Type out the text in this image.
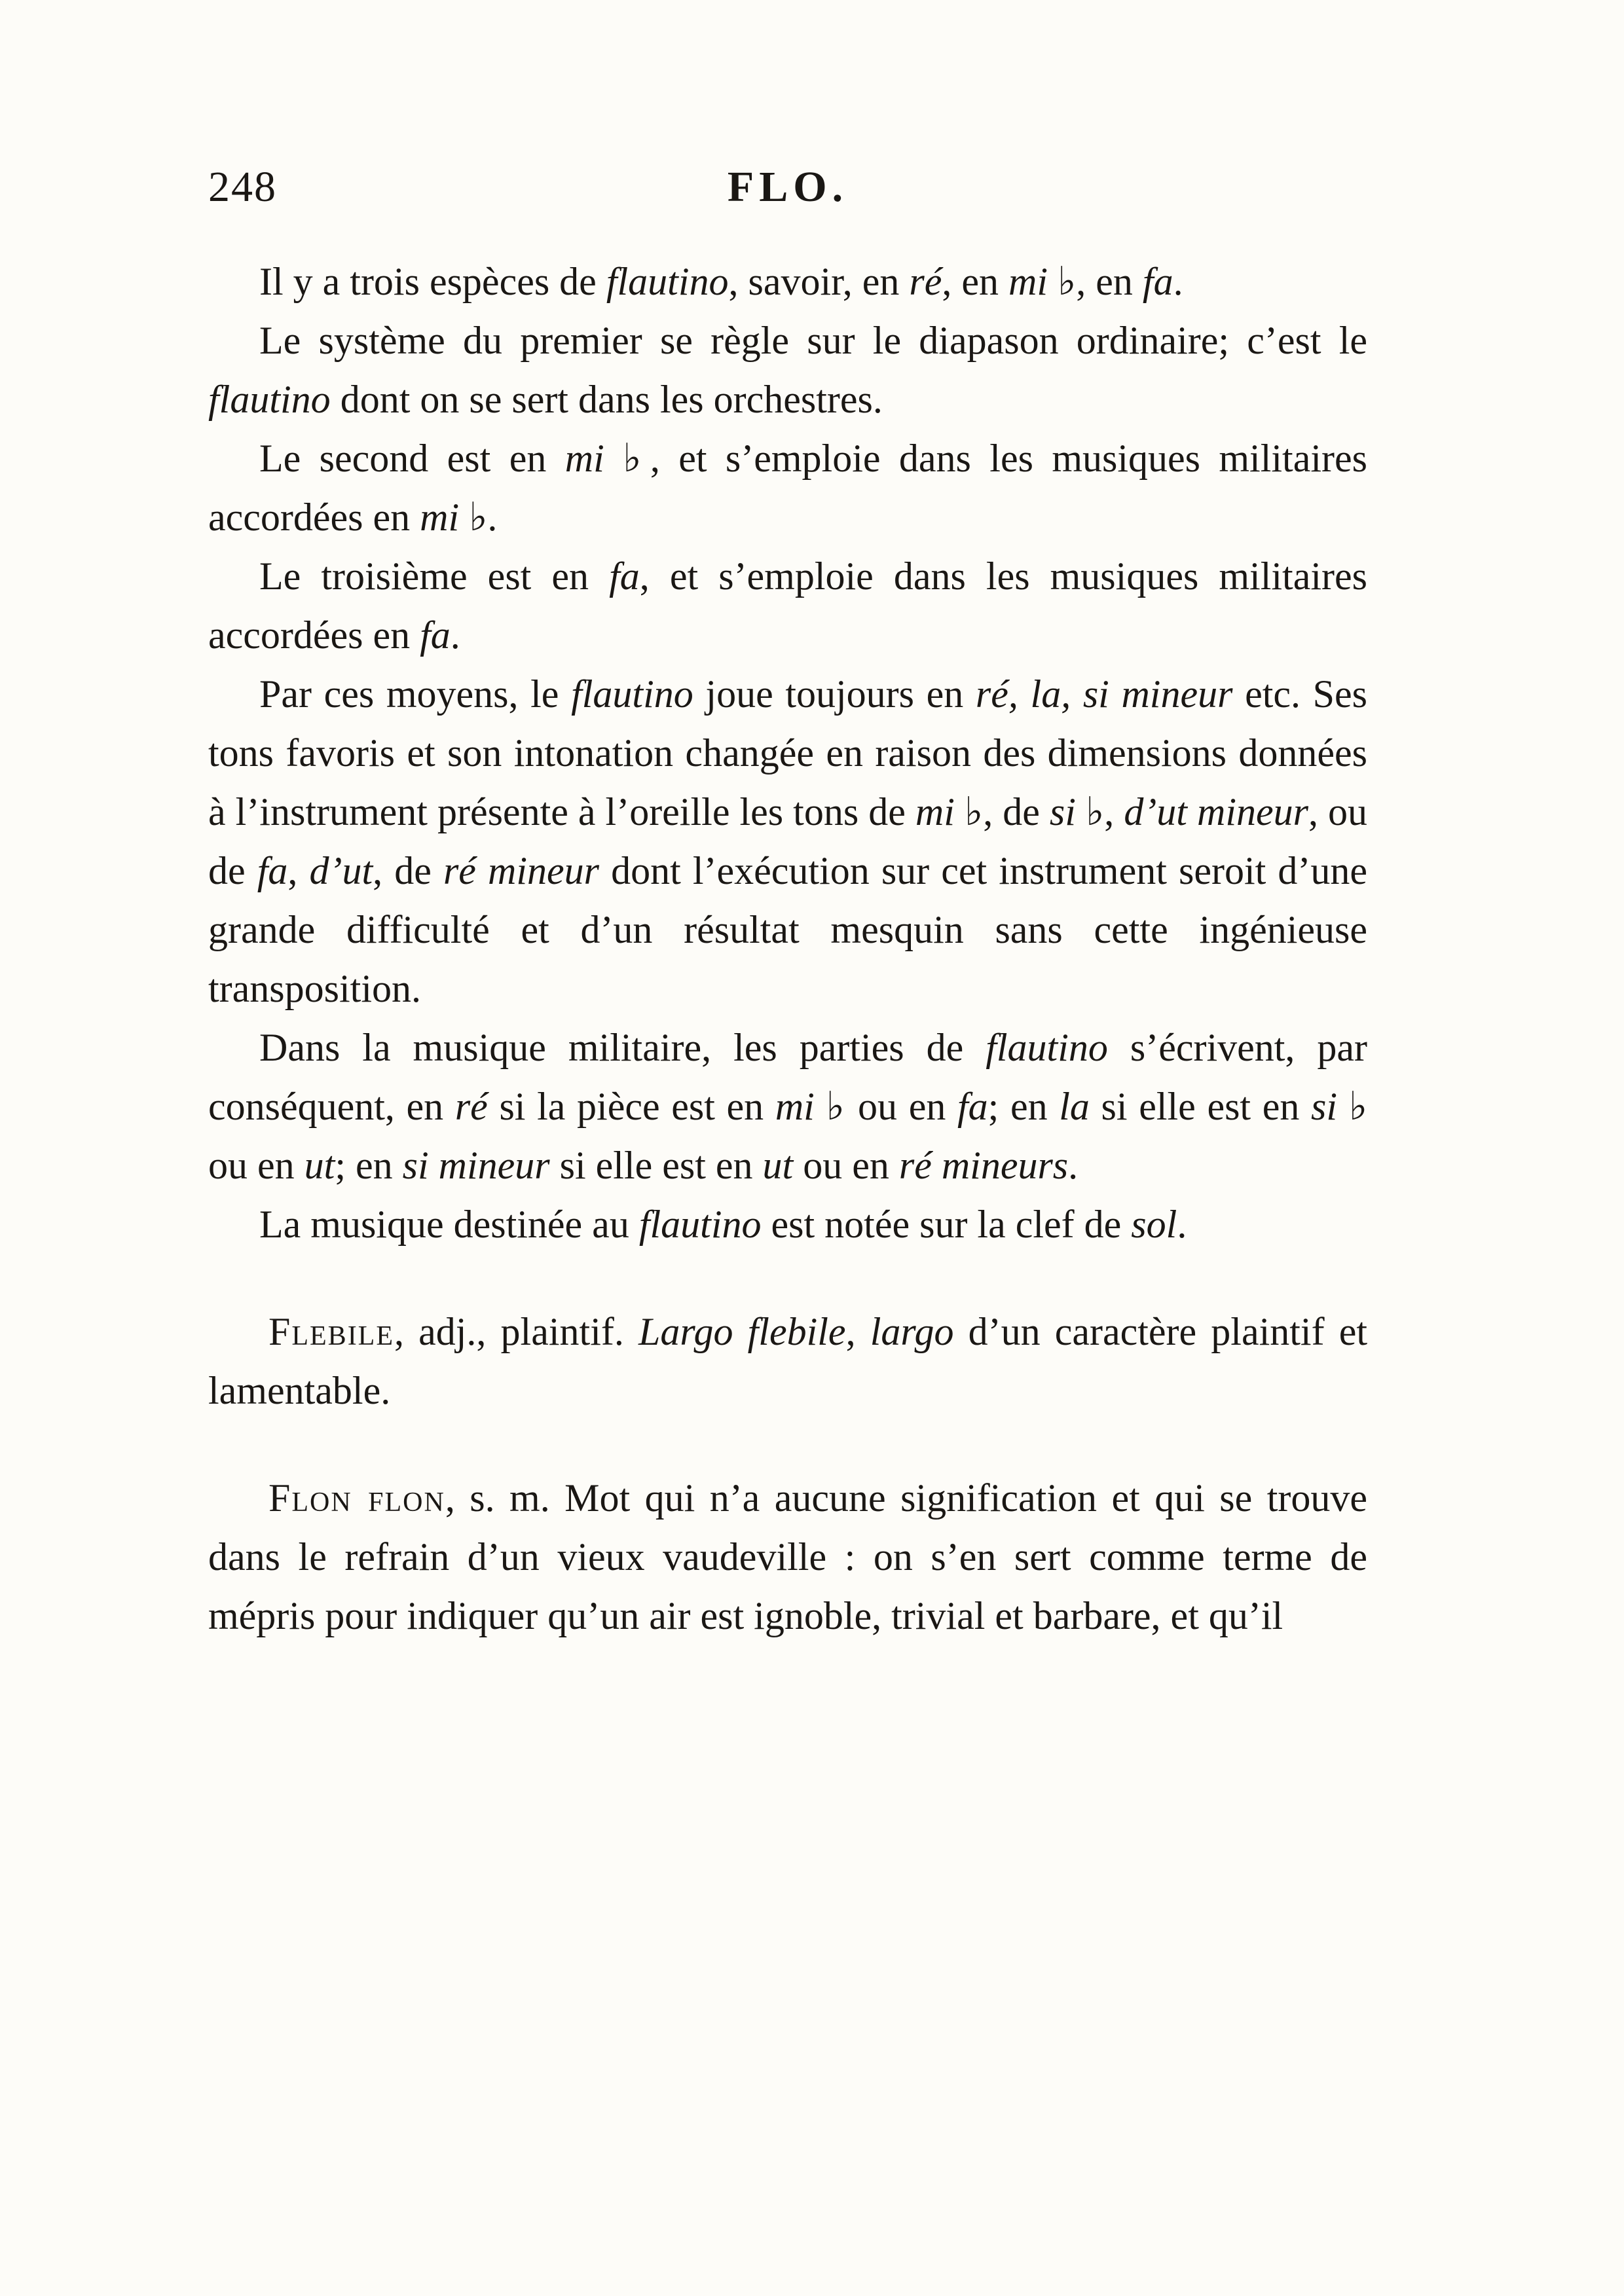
248	FLO.

Il y a trois espèces de flautino, savoir, en ré, en mi ♭, en fa.

Le système du premier se règle sur le diapason ordinaire; c’est le flautino dont on se sert dans les orchestres.

Le second est en mi ♭, et s’emploie dans les musiques militaires accordées en mi ♭.

Le troisième est en fa, et s’emploie dans les musiques militaires accordées en fa.

Par ces moyens, le flautino joue toujours en ré, la, si mineur etc. Ses tons favoris et son intonation changée en raison des dimensions données à l’instrument présente à l’oreille les tons de mi ♭, de si ♭, d’ut mineur, ou de fa, d’ut, de ré mineur dont l’exécution sur cet instrument seroit d’une grande difficulté et d’un résultat mesquin sans cette ingénieuse transposition.

Dans la musique militaire, les parties de flautino s’écrivent, par conséquent, en ré si la pièce est en mi ♭ ou en fa; en la si elle est en si ♭ ou en ut; en si mineur si elle est en ut ou en ré mineurs.

La musique destinée au flautino est notée sur la clef de sol.

Flebile, adj., plaintif. Largo flebile, largo d’un caractère plaintif et lamentable.

Flon flon, s. m. Mot qui n’a aucune signification et qui se trouve dans le refrain d’un vieux vaudeville : on s’en sert comme terme de mépris pour indiquer qu’un air est ignoble, trivial et barbare, et qu’il
